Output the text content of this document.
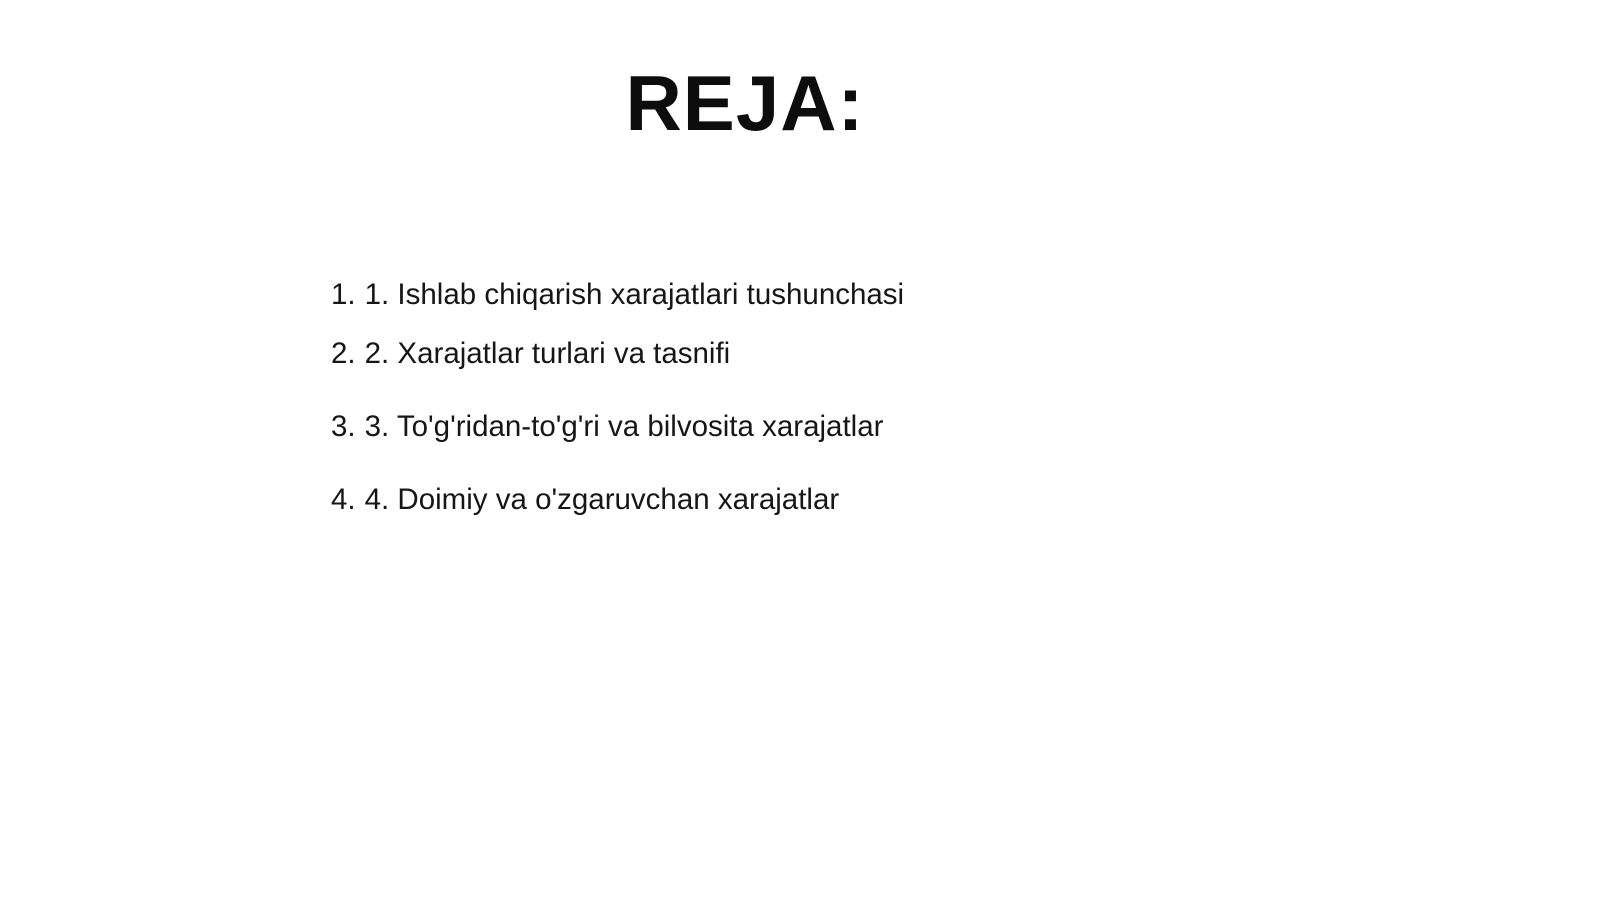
REJA:
1. 1. Ishlab chiqarish xarajatlari tushunchasi
2. 2. Xarajatlar turlari va tasnifi
3. 3. To'g'ridan-to'g'ri va bilvosita xarajatlar
4. 4. Doimiy va o'zgaruvchan xarajatlar
